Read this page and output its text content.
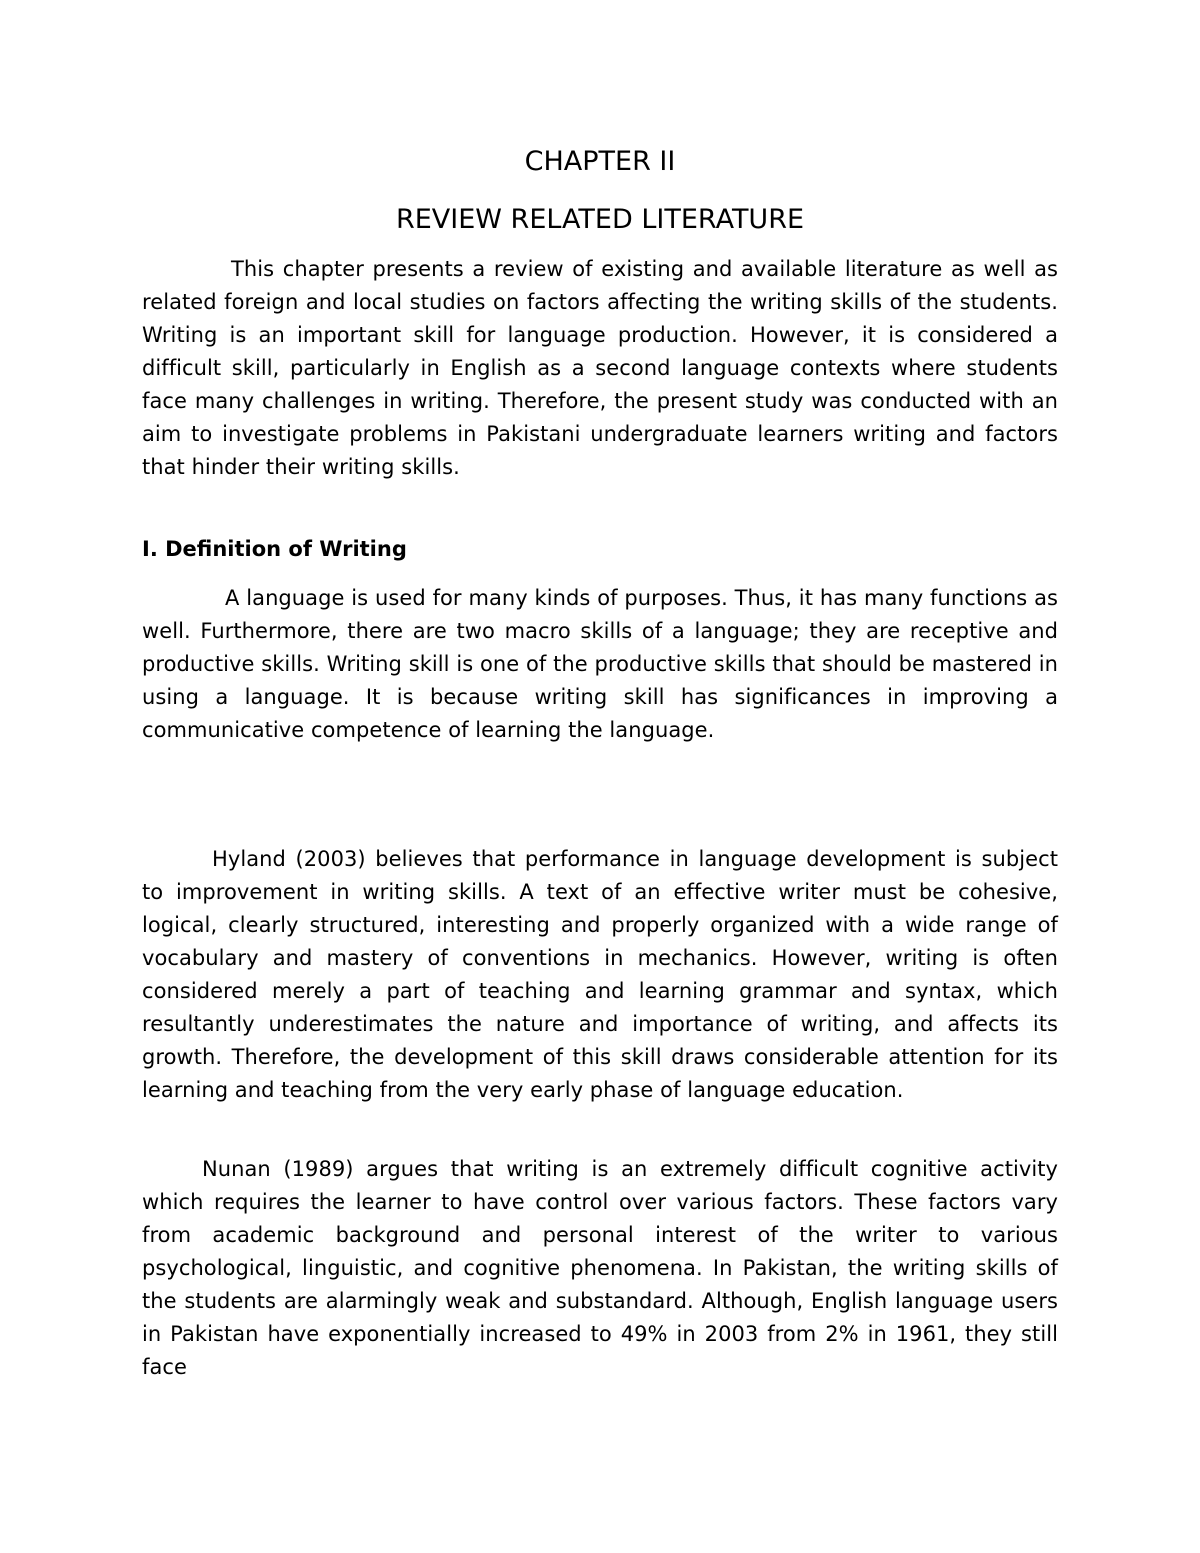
CHAPTER II
REVIEW RELATED LITERATURE

This chapter presents a review of existing and available literature as well as related foreign and local studies on factors affecting the writing skills of the students. Writing is an important skill for language production. However, it is considered a difficult skill, particularly in English as a second language contexts where students face many challenges in writing. Therefore, the present study was conducted with an aim to investigate problems in Pakistani undergraduate learners writing and factors that hinder their writing skills.

I. Definition of Writing

A language is used for many kinds of purposes. Thus, it has many functions as well. Furthermore, there are two macro skills of a language; they are receptive and productive skills. Writing skill is one of the productive skills that should be mastered in using a language. It is because writing skill has significances in improving a communicative competence of learning the language.

Hyland (2003) believes that performance in language development is subject to improvement in writing skills. A text of an effective writer must be cohesive, logical, clearly structured, interesting and properly organized with a wide range of vocabulary and mastery of conventions in mechanics. However, writing is often considered merely a part of teaching and learning grammar and syntax, which resultantly underestimates the nature and importance of writing, and affects its growth. Therefore, the development of this skill draws considerable attention for its learning and teaching from the very early phase of language education.

Nunan (1989) argues that writing is an extremely difficult cognitive activity which requires the learner to have control over various factors. These factors vary from academic background and personal interest of the writer to various psychological, linguistic, and cognitive phenomena. In Pakistan, the writing skills of the students are alarmingly weak and substandard. Although, English language users in Pakistan have exponentially increased to 49% in 2003 from 2% in 1961, they still face
